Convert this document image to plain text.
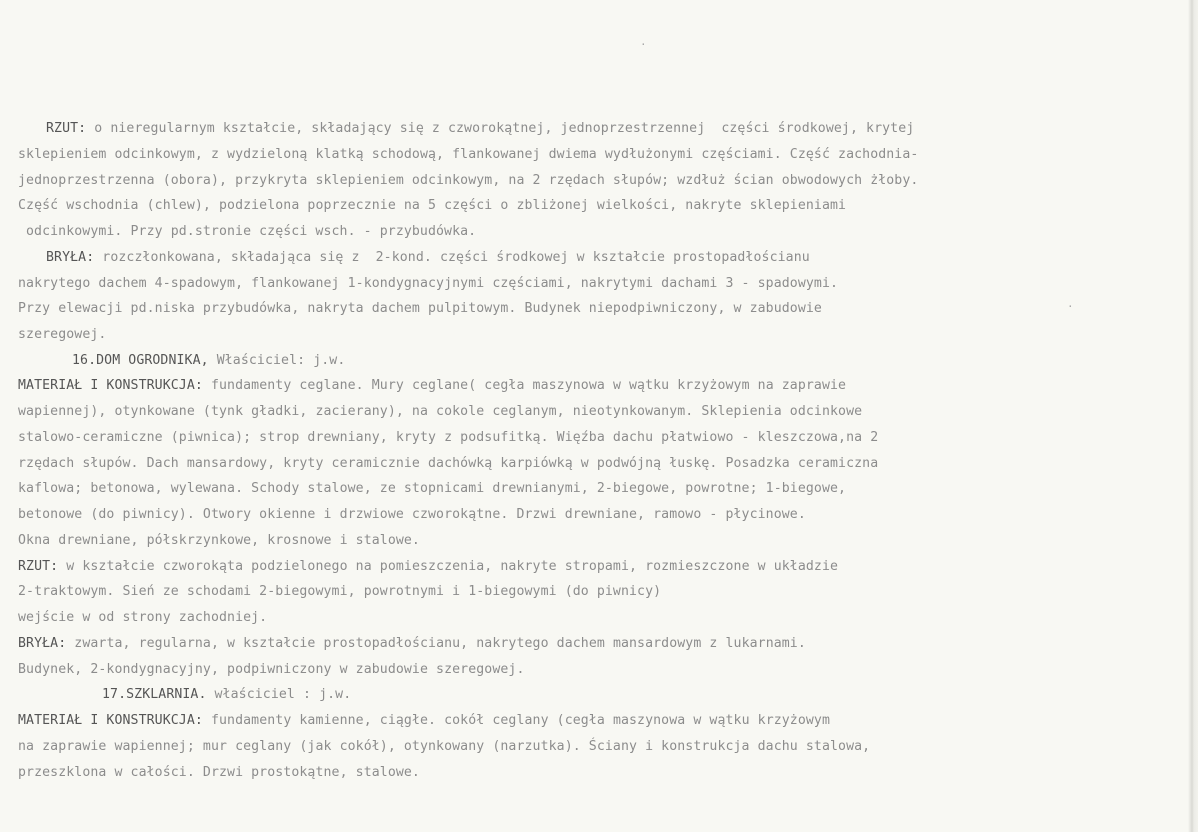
·
·
RZUT: o nieregularnym kształcie, składający się z czworokątnej, jednoprzestrzennej  części środkowej, krytej
sklepieniem odcinkowym, z wydzieloną klatką schodową, flankowanej dwiema wydłużonymi częściami. Część zachodnia-
jednoprzestrzenna (obora), przykryta sklepieniem odcinkowym, na 2 rzędach słupów; wzdłuż ścian obwodowych żłoby.
Część wschodnia (chlew), podzielona poprzecznie na 5 części o zbliżonej wielkości, nakryte sklepieniami
odcinkowymi. Przy pd.stronie części wsch. - przybudówka.
BRYŁA: rozczłonkowana, składająca się z  2-kond. części środkowej w kształcie prostopadłościanu
nakrytego dachem 4-spadowym, flankowanej 1-kondygnacyjnymi częściami, nakrytymi dachami 3 - spadowymi.
Przy elewacji pd.niska przybudówka, nakryta dachem pulpitowym. Budynek niepodpiwniczony, w zabudowie
szeregowej.
16.DOM OGRODNIKA, Właściciel: j.w.
MATERIAŁ I KONSTRUKCJA: fundamenty ceglane. Mury ceglane( cegła maszynowa w wątku krzyżowym na zaprawie
wapiennej), otynkowane (tynk gładki, zacierany), na cokole ceglanym, nieotynkowanym. Sklepienia odcinkowe
stalowo-ceramiczne (piwnica); strop drewniany, kryty z podsufitką. Więźba dachu płatwiowo - kleszczowa,na 2
rzędach słupów. Dach mansardowy, kryty ceramicznie dachówką karpiówką w podwójną łuskę. Posadzka ceramiczna
kaflowa; betonowa, wylewana. Schody stalowe, ze stopnicami drewnianymi, 2-biegowe, powrotne; 1-biegowe,
betonowe (do piwnicy). Otwory okienne i drzwiowe czworokątne. Drzwi drewniane, ramowo - płycinowe.
Okna drewniane, półskrzynkowe, krosnowe i stalowe.
RZUT: w kształcie czworokąta podzielonego na pomieszczenia, nakryte stropami, rozmieszczone w układzie
2-traktowym. Sień ze schodami 2-biegowymi, powrotnymi i 1-biegowymi (do piwnicy)
wejście w od strony zachodniej.
BRYŁA: zwarta, regularna, w kształcie prostopadłościanu, nakrytego dachem mansardowym z lukarnami.
Budynek, 2-kondygnacyjny, podpiwniczony w zabudowie szeregowej.
17.SZKLARNIA. właściciel : j.w.
MATERIAŁ I KONSTRUKCJA: fundamenty kamienne, ciągłe. cokół ceglany (cegła maszynowa w wątku krzyżowym
na zaprawie wapiennej; mur ceglany (jak cokół), otynkowany (narzutka). Ściany i konstrukcja dachu stalowa,
przeszklona w całości. Drzwi prostokątne, stalowe.
